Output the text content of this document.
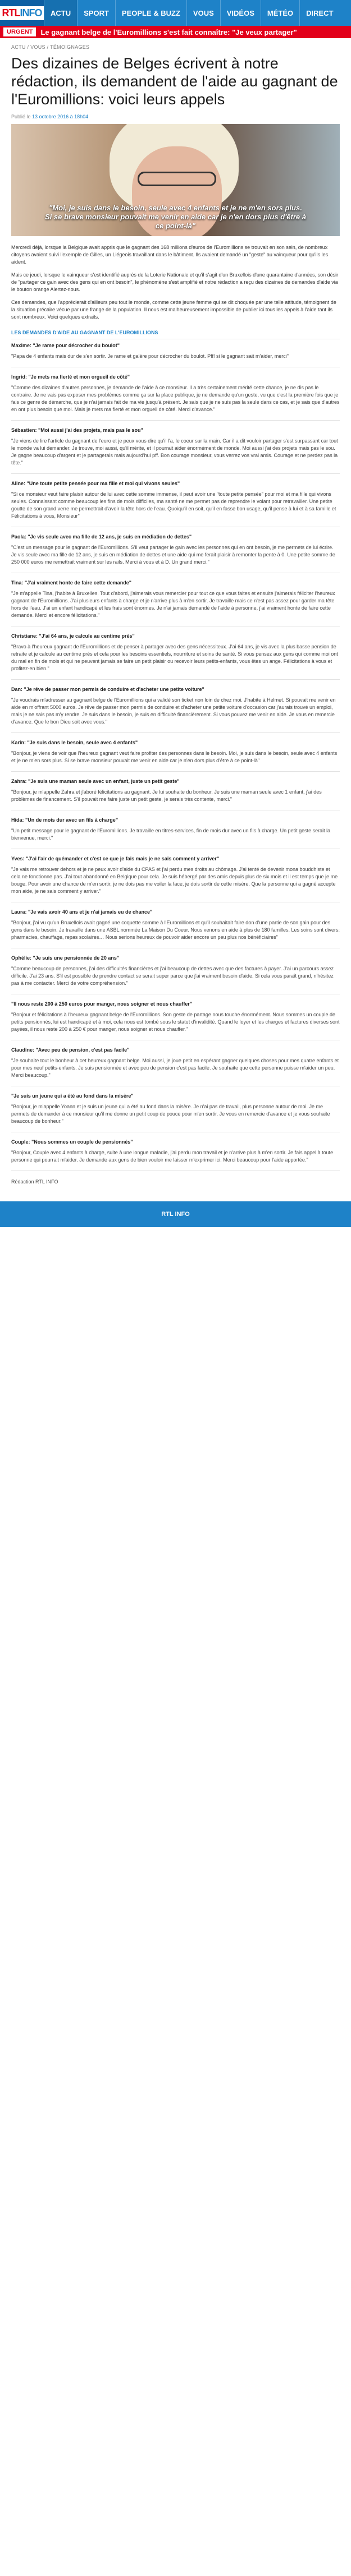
RTLINFO	ACTU	SPORT	PEOPLE & BUZZ	VOUS	VIDÉOS	MÉTÉO	DIRECT
URGENT	Le gagnant belge de l'Euromillions s'est fait connaître: "Je veux partager"
ACTU / VOUS / TÉMOIGNAGES
Des dizaines de Belges écrivent à notre rédaction, ils demandent de l'aide au gagnant de l'Euromillions: voici leurs appels
Publié le 13 octobre 2016 à 18h04
"Moi, je suis dans le besoin, seule avec 4 enfants et je ne m'en sors plus. Si se brave monsieur pouvait me venir en aide car je n'en dors plus d'être à ce point-là"

Mercredi déjà, lorsque la Belgique avait appris que le gagnant des 168 millions d'euros de l'Euromillions se trouvait en son sein, de nombreux citoyens avaient suivi l'exemple de Gilles, un Liégeois travaillant dans le bâtiment. Ils avaient demandé un "geste" au vainqueur pour qu'ils les aident.

Mais ce jeudi, lorsque le vainqueur s'est identifié auprès de la Loterie Nationale et qu'il s'agit d'un Bruxellois d'une quarantaine d'années, son désir de "partager ce gain avec des gens qui en ont besoin", le phénomène s'est amplifié et notre rédaction a reçu des dizaines de demandes d'aide via le bouton orange Alertez-nous.

Ces demandes, que l'apprécierait d'ailleurs peu tout le monde, comme cette jeune femme qui se dit choquée par une telle attitude, témoignent de la situation précaire vécue par une frange de la population. Il nous est malheureusement impossible de publier ici tous les appels à l'aide tant ils sont nombreux. Voici quelques extraits.

LES DEMANDES D'AIDE AU GAGNANT DE L'EUROMILLIONS
Maxime: "Je rame pour décrocher du boulot"
"Papa de 4 enfants mais dur de s'en sortir. Je rame et galère pour décrocher du boulot. Pff! si le gagnant sait m'aider, merci"
Ingrid: "Je mets ma fierté et mon orgueil de côté"
"Comme des dizaines d'autres personnes, je demande de l'aide à ce monsieur. Il a très certainement mérité cette chance, je ne dis pas le contraire. Je ne vais pas exposer mes problèmes comme ça sur la place publique, je ne demande qu'un geste, vu que c'est la première fois que je fais ce genre de démarche, que je n'ai jamais fait de ma vie jusqu'à présent. Je sais que je ne suis pas la seule dans ce cas, et je sais que d'autres en ont plus besoin que moi. Mais je mets ma fierté et mon orgueil de côté. Merci d'avance."
Sébastien: "Moi aussi j'ai des projets, mais pas le sou"
"Je viens de lire l'article du gagnant de l'euro et je peux vous dire qu'il l'a, le coeur sur la main. Car il a dit vouloir partager s'est surpassant car tout le monde va lui demander. Je trouve, moi aussi, qu'il mérite, et il pourrait aider énormément de monde. Moi aussi j'ai des projets mais pas le sou. Je gagne beaucoup d'argent et je partagerais mais aujourd'hui pff. Bon courage monsieur, vous verrez vos vrai amis. Courage et ne perdez pas la tête."
Aline: "Une toute petite pensée pour ma fille et moi qui vivons seules"
"Si ce monsieur veut faire plaisir autour de lui avec cette somme immense, il peut avoir une "toute petite pensée" pour moi et ma fille qui vivons seules. Connaissant comme beaucoup les fins de mois difficiles, ma santé ne me permet pas de reprendre le volant pour retravailler. Une petite goutte de son grand verre me permettrait d'avoir la tête hors de l'eau. Quoiqu'il en soit, qu'il en fasse bon usage, qu'il pense à lui et à sa famille et Félicitations à vous, Monsieur"
Paola: "Je vis seule avec ma fille de 12 ans, je suis en médiation de dettes"
"C'est un message pour le gagnant de l'Euromillions. S'il veut partager le gain avec les personnes qui en ont besoin, je me permets de lui écrire. Je vis seule avec ma fille de 12 ans, je suis en médiation de dettes et une aide qui me ferait plaisir à remonter la pente à 0. Une petite somme de 250 000 euros me remettrait vraiment sur les rails. Merci à vous et à D. Un grand merci."
Tina: "J'ai vraiment honte de faire cette demande"
"Je m'appelle Tina, j'habite à Bruxelles. Tout d'abord, j'aimerais vous remercier pour tout ce que vous faites et ensuite j'aimerais féliciter l'heureux gagnant de l'Euromillions. J'ai plusieurs enfants à charge et je n'arrive plus à m'en sortir. Je travaille mais ce n'est pas assez pour garder ma tête hors de l'eau. J'ai un enfant handicapé et les frais sont énormes. Je n'ai jamais demandé de l'aide à personne, j'ai vraiment honte de faire cette demande. Merci et encore félicitations."
Christiane: "J'ai 64 ans, je calcule au centime près"
"Bravo à l'heureux gagnant de l'Euromillions et de penser à partager avec des gens nécessiteux. J'ai 64 ans, je vis avec la plus basse pension de retraite et je calcule au centime près et cela pour les besoins essentiels, nourriture et soins de santé. Si vous pensez aux gens qui comme moi ont du mal en fin de mois et qui ne peuvent jamais se faire un petit plaisir ou recevoir leurs petits-enfants, vous êtes un ange. Félicitations à vous et profitez-en bien."
Dan: "Je rêve de passer mon permis de conduire et d'acheter une petite voiture"
"Je voudrais m'adresser au gagnant belge de l'Euromillions qui a validé son ticket non loin de chez moi. J'habite à Helmet. Si pouvait me venir en aide en m'offrant 5000 euros. Je rêve de passer mon permis de conduire et d'acheter une petite voiture d'occasion car j'aurais trouvé un emploi, mais je ne sais pas m'y rendre. Je suis dans le besoin, je suis en difficulté financièrement. Si vous pouvez me venir en aide. Je vous en remercie d'avance. Que le bon Dieu soit avec vous."
Karin: "Je suis dans le besoin, seule avec 4 enfants"
"Bonjour, je viens de voir que l'heureux gagnant veut faire profiter des personnes dans le besoin. Moi, je suis dans le besoin, seule avec 4 enfants et je ne m'en sors plus. Si se brave monsieur pouvait me venir en aide car je n'en dors plus d'être à ce point-là"
Zahra: "Je suis une maman seule avec un enfant, juste un petit geste"
"Bonjour, je m'appelle Zahra et j'aboré félicitations au gagnant. Je lui souhaite du bonheur. Je suis une maman seule avec 1 enfant, j'ai des problèmes de financement. S'il pouvait me faire juste un petit geste, je serais très contente, merci."
Hida: "Un de mois dur avec un fils à charge"
"Un petit message pour le gagnant de l'Euromillions. Je travaille en titres-services, fin de mois dur avec un fils à charge. Un petit geste serait la bienvenue, merci."
Yves: "J'ai l'air de quémander et c'est ce que je fais mais je ne sais comment y arriver"
"Je vais me retrouver dehors et je ne peux avoir d'aide du CPAS et j'ai perdu mes droits au chômage. J'ai tenté de devenir mona bouddhiste et cela ne fonctionne pas. J'ai tout abandonné en Belgique pour cela. Je suis hébergé par des amis depuis plus de six mois et il est temps que je me bouge. Pour avoir une chance de m'en sortir, je ne dois pas me voiler la face, je dois sortir de cette misère. Que la personne qui a gagné accepte mon aide, je ne sais comment y arriver."
Laura: "Je vais avoir 40 ans et je n'ai jamais eu de chance"
"Bonjour, j'ai vu qu'un Bruxellois avait gagné une coquette somme à l'Euromillions et qu'il souhaitait faire don d'une partie de son gain pour des gens dans le besoin. Je travaille dans une ASBL nommée La Maison Du Coeur. Nous venons en aide à plus de 180 familles. Les soins sont divers: pharmacies, chauffage, repas scolaires… Nous serions heureux de pouvoir aider encore un peu plus nos bénéficiaires"
Ophélie: "Je suis une pensionnée de 20 ans"
"Comme beaucoup de personnes, j'ai des difficultés financières et j'ai beaucoup de dettes avec que des factures à payer. J'ai un parcours assez difficile. J'ai 23 ans. S'il est possible de prendre contact se serait super parce que j'ai vraiment besoin d'aide. Si cela vous paraît grand, n'hésitez pas à me contacter. Merci de votre compréhension."
"Il nous reste 200 à 250 euros pour manger, nous soigner et nous chauffer"
"Bonjour et félicitations à l'heureux gagnant belge de l'Euromillions. Son geste de partage nous touche énormément. Nous sommes un couple de petits pensionnés, lui est handicapé et à moi, cela nous est tombé sous le statut d'invalidité. Quand le loyer et les charges et factures diverses sont payées, il nous reste 200 à 250 € pour manger, nous soigner et nous chauffer."
Claudine: "Avec peu de pension, c'est pas facile"
"Je souhaite tout le bonheur à cet heureux gagnant belge. Moi aussi, je joue petit en espérant gagner quelques choses pour mes quatre enfants et pour mes neuf petits-enfants. Je suis pensionnée et avec peu de pension c'est pas facile. Je souhaite que cette personne puisse m'aider un peu. Merci beaucoup."
"Je suis un jeune qui a été au fond dans la misère"
"Bonjour, je m'appelle Yoann et je suis un jeune qui a été au fond dans la misère. Je n'ai pas de travail, plus personne autour de moi. Je me permets de demander à ce monsieur qu'il me donne un petit coup de pouce pour m'en sortir. Je vous en remercie d'avance et je vous souhaite beaucoup de bonheur."
Couple: "Nous sommes un couple de pensionnés"
"Bonjour, Couple avec 4 enfants à charge, suite à une longue maladie, j'ai perdu mon travail et je n'arrive plus à m'en sortir. Je fais appel à toute personne qui pourrait m'aider. Je demande aux gens de bien vouloir me laisser m'exprimer ici. Merci beaucoup pour l'aide apportée."
Rédaction RTL INFO
RTL INFO
